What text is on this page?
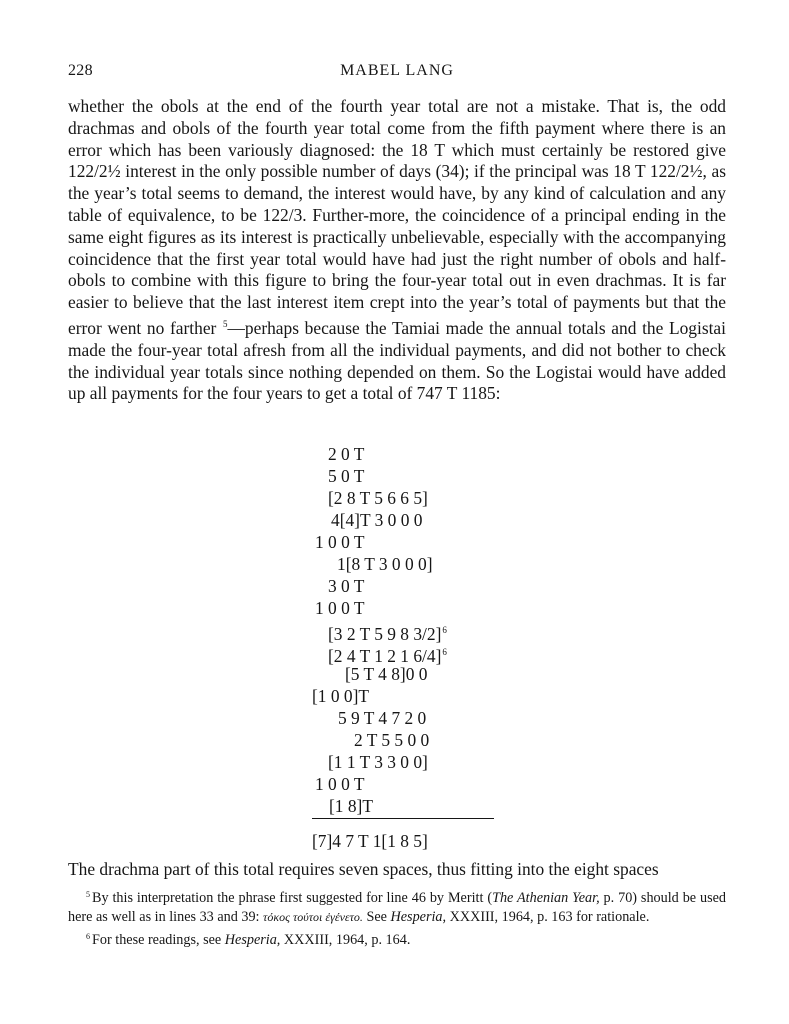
228	MABEL LANG

whether the obols at the end of the fourth year total are not a mistake. That is, the odd drachmas and obols of the fourth year total come from the fifth payment where there is an error which has been variously diagnosed: the 18 T which must certainly be restored give 122/2½ interest in the only possible number of days (34); if the principal was 18 T 122/2½, as the year’s total seems to demand, the interest would have, by any kind of calculation and any table of equivalence, to be 122/3. Further-more, the coincidence of a principal ending in the same eight figures as its interest is practically unbelievable, especially with the accompanying coincidence that the first year total would have had just the right number of obols and half-obols to combine with this figure to bring the four-year total out in even drachmas. It is far easier to believe that the last interest item crept into the year’s total of payments but that the error went no farther $^5$—perhaps because the Tamiai made the annual totals and the Logistai made the four-year total afresh from all the individual payments, and did not bother to check the individual year totals since nothing depended on them. So the Logistai would have added up all payments for the four years to get a total of 747 T 1185:

2 0 T
5 0 T
[2 8 T 5 6 6 5]
4[4]T 3 0 0 0
1 0 0 T
1[8 T 3 0 0 0]
3 0 T
1 0 0 T
[3 2 T 5 9 8 3/2]$^6$
[2 4 T 1 2 1 6/4]$^6$
[5 T 4 8]0 0
[1 0 0]T
5 9 T 4 7 2 0
2 T 5 5 0 0
[1 1 T 3 3 0 0]
1 0 0 T
[1 8]T
[7]4 7 T 1[1 8 5]

The drachma part of this total requires seven spaces, thus fitting into the eight spaces

$^5$ By this interpretation the phrase first suggested for line 46 by Meritt (The Athenian Year, p. 70) should be used here as well as in lines 33 and 39: τόκος τούτοι ἐγένετο. See Hesperia, XXXIII, 1964, p. 163 for rationale.

$^6$ For these readings, see Hesperia, XXXIII, 1964, p. 164.
